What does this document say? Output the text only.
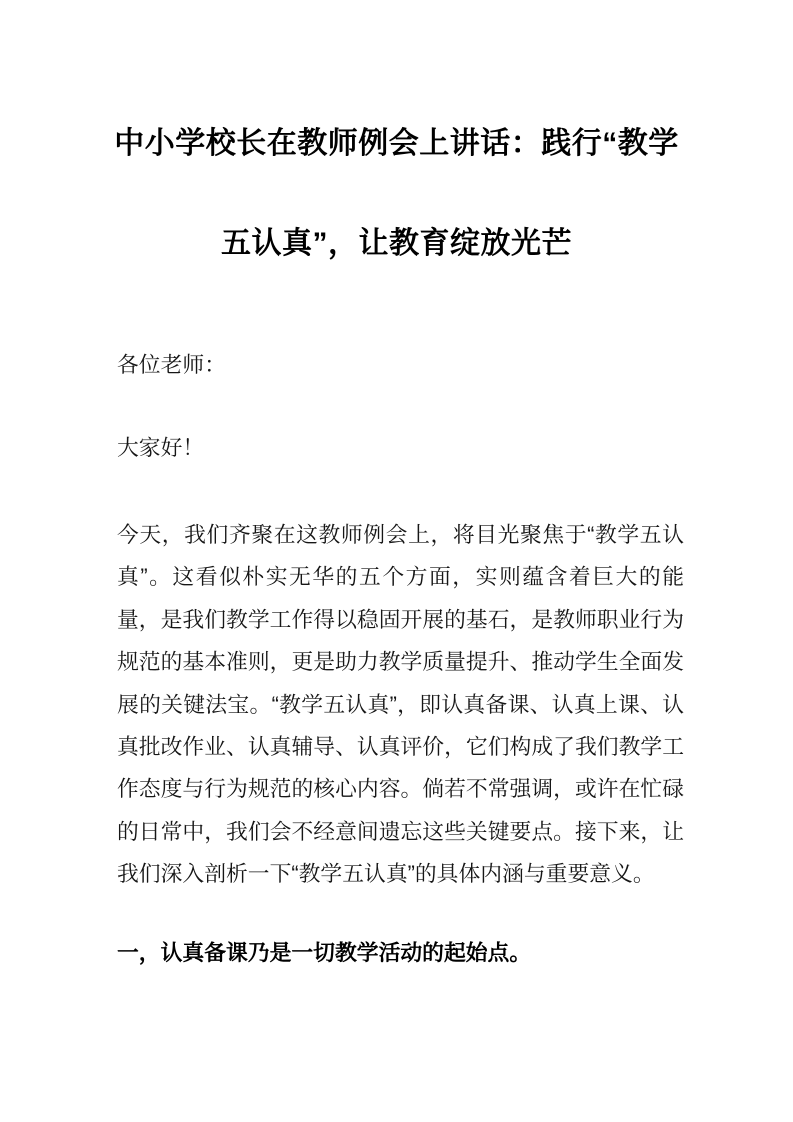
中小学校长在教师例会上讲话：践行“教学
五认真”，让教育绽放光芒

各位老师：

大家好！

今天，我们齐聚在这教师例会上，将目光聚焦于“教学五认真”。这看似朴实无华的五个方面，实则蕴含着巨大的能量，是我们教学工作得以稳固开展的基石，是教师职业行为规范的基本准则，更是助力教学质量提升、推动学生全面发展的关键法宝。“教学五认真”，即认真备课、认真上课、认真批改作业、认真辅导、认真评价，它们构成了我们教学工作态度与行为规范的核心内容。倘若不常强调，或许在忙碌的日常中，我们会不经意间遗忘这些关键要点。接下来，让我们深入剖析一下“教学五认真”的具体内涵与重要意义。

一，认真备课乃是一切教学活动的起始点。
